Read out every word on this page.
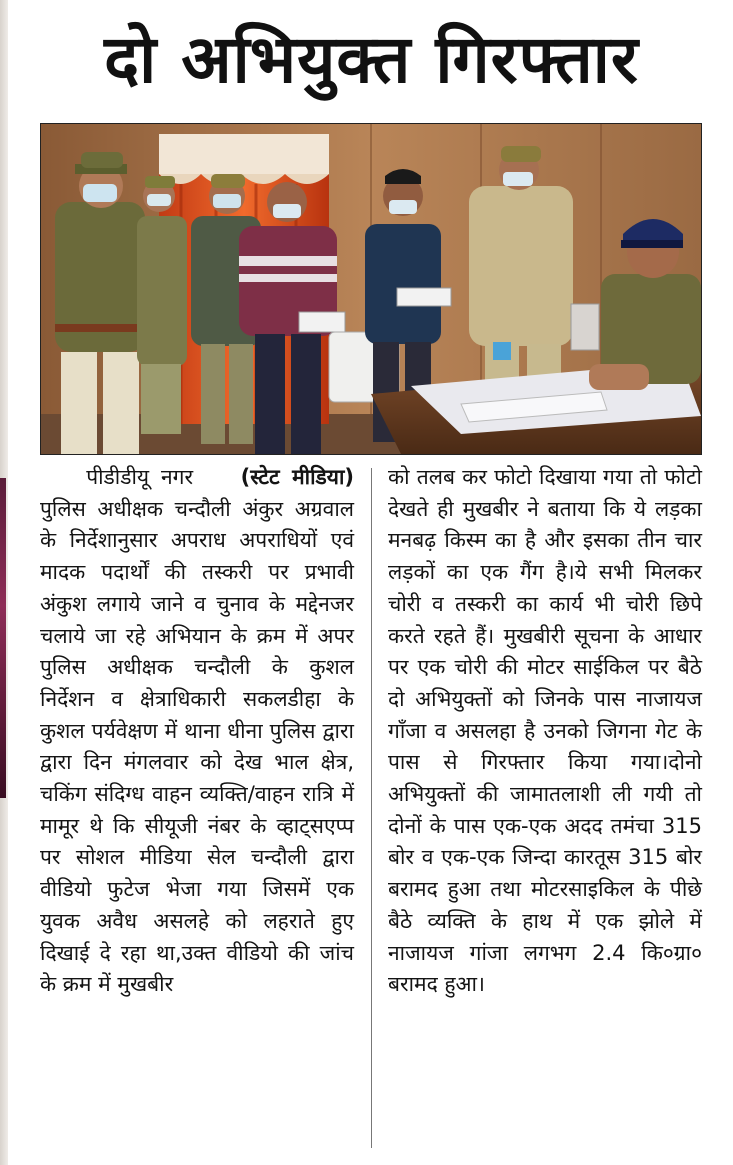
दो अभियुक्त गिरफ्तार

पीडीडीयू नगर (स्टेट मीडिया) पुलिस अधीक्षक चन्दौली अंकुर अग्रवाल के निर्देशानुसार अपराध अपराधियों एवं मादक पदार्थों की तस्करी पर प्रभावी अंकुश लगाये जाने व चुनाव के मद्देनजर चलाये जा रहे अभियान के क्रम में अपर पुलिस अधीक्षक चन्दौली के कुशल निर्देशन व क्षेत्राधिकारी सकलडीहा के कुशल पर्यवेक्षण में थाना धीना पुलिस द्वारा द्वारा दिन मंगलवार को देख भाल क्षेत्र, चकिंग संदिग्ध वाहन व्यक्ति/वाहन रात्रि में मामूर थे कि सीयूजी नंबर के व्हाट्सएप्प पर सोशल मीडिया सेल चन्दौली द्वारा वीडियो फुटेज भेजा गया जिसमें एक युवक अवैध असलहे को लहराते हुए दिखाई दे रहा था,उक्त वीडियो की जांच के क्रम में मुखबीर

को तलब कर फोटो दिखाया गया तो फोटो देखते ही मुखबीर ने बताया कि ये लड़का मनबढ़ किस्म का है और इसका तीन चार लड़कों का एक गैंग है।ये सभी मिलकर चोरी व तस्करी का कार्य भी चोरी छिपे करते रहते हैं। मुखबीरी सूचना के आधार पर एक चोरी की मोटर साईकिल पर बैठे दो अभियुक्तों को जिनके पास नाजायज गाँजा व असलहा है उनको जिगना गेट के पास से गिरफ्तार किया गया।दोनो अभियुक्तों की जामातलाशी ली गयी तो दोनों के पास एक-एक अदद तमंचा 315 बोर व एक-एक जिन्दा कारतूस 315 बोर बरामद हुआ तथा मोटरसाइकिल के पीछे बैठे व्यक्ति के हाथ में एक झोले में नाजायज गांजा लगभग 2.4 कि०ग्रा० बरामद हुआ।
